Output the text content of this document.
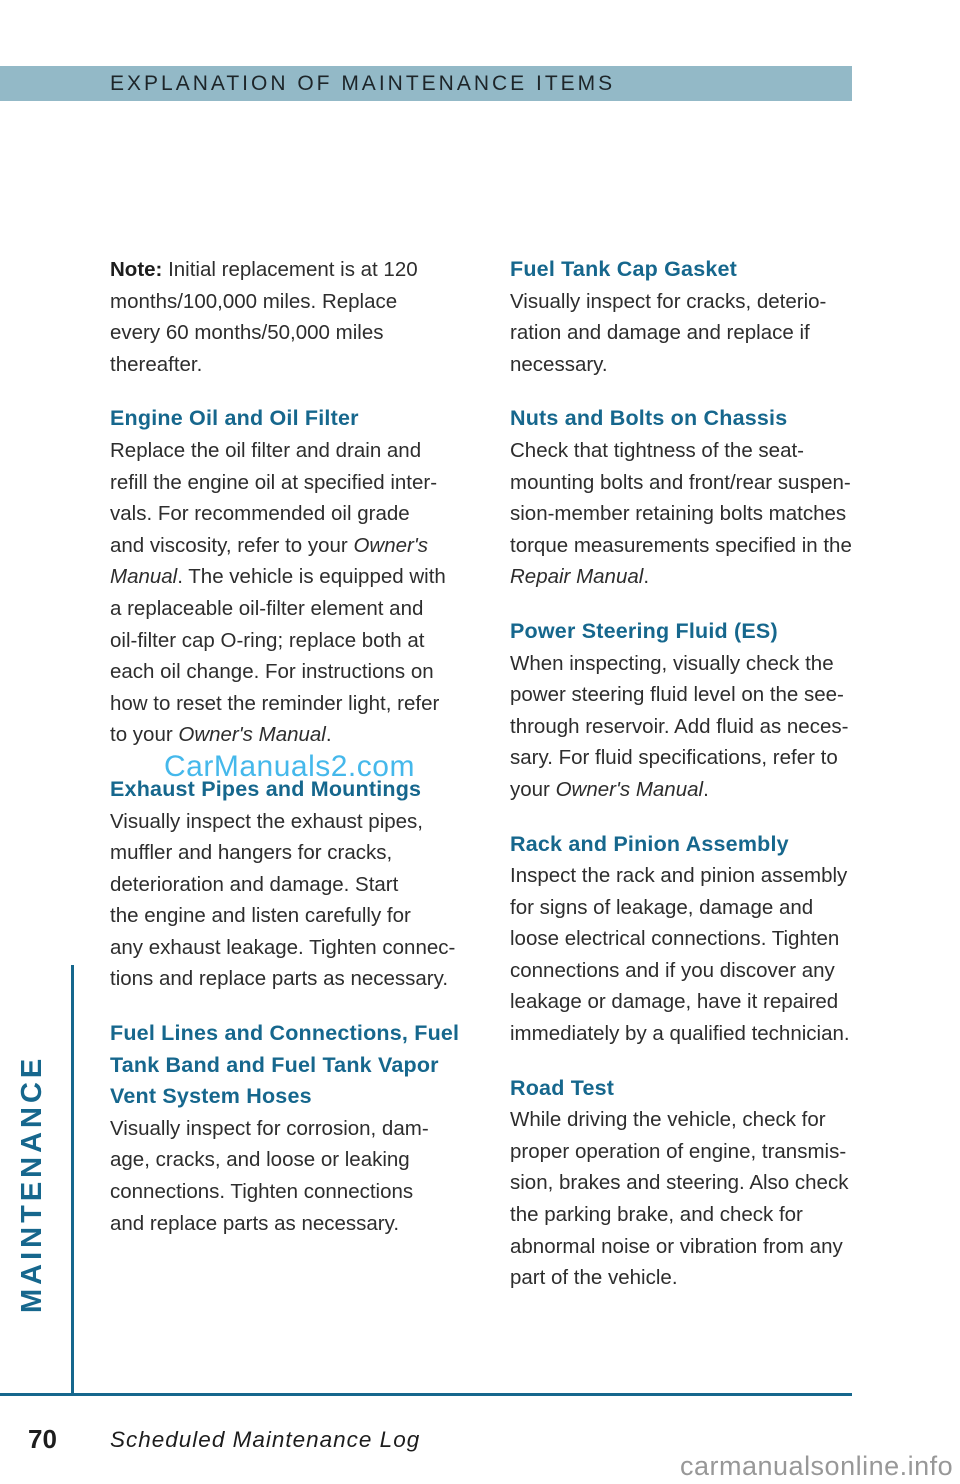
EXPLANATION OF MAINTENANCE ITEMS

Note: Initial replacement is at 120
months/100,000 miles. Replace
every 60 months/50,000 miles
thereafter.

Engine Oil and Oil Filter

Replace the oil filter and drain and
refill the engine oil at specified inter-
vals. For recommended oil grade
and viscosity, refer to your Owner's
Manual. The vehicle is equipped with
a replaceable oil-filter element and
oil-filter cap O-ring; replace both at
each oil change. For instructions on
how to reset the reminder light, refer
to your Owner's Manual.

Exhaust Pipes and Mountings

Visually inspect the exhaust pipes,
muffler and hangers for cracks,
deterioration and damage. Start
the engine and listen carefully for
any exhaust leakage. Tighten connec-
tions and replace parts as necessary.

Fuel Lines and Connections, Fuel
Tank Band and Fuel Tank Vapor
Vent System Hoses

Visually inspect for corrosion, dam-
age, cracks, and loose or leaking
connections. Tighten connections
and replace parts as necessary.

Fuel Tank Cap Gasket

Visually inspect for cracks, deterio-
ration and damage and replace if
necessary.

Nuts and Bolts on Chassis

Check that tightness of the seat-
mounting bolts and front/rear suspen-
sion-member retaining bolts matches
torque measurements specified in the
Repair Manual.

Power Steering Fluid (ES)

When inspecting, visually check the
power steering fluid level on the see-
through reservoir. Add fluid as neces-
sary. For fluid specifications, refer to
your Owner's Manual.

Rack and Pinion Assembly

Inspect the rack and pinion assembly
for signs of leakage, damage and
loose electrical connections. Tighten
connections and if you discover any
leakage or damage, have it repaired
immediately by a qualified technician.

Road Test

While driving the vehicle, check for
proper operation of engine, transmis-
sion, brakes and steering. Also check
the parking brake, and check for
abnormal noise or vibration from any
part of the vehicle.

CarManuals2.com
MAINTENANCE
70 Scheduled Maintenance Log
carmanualsonline.info
